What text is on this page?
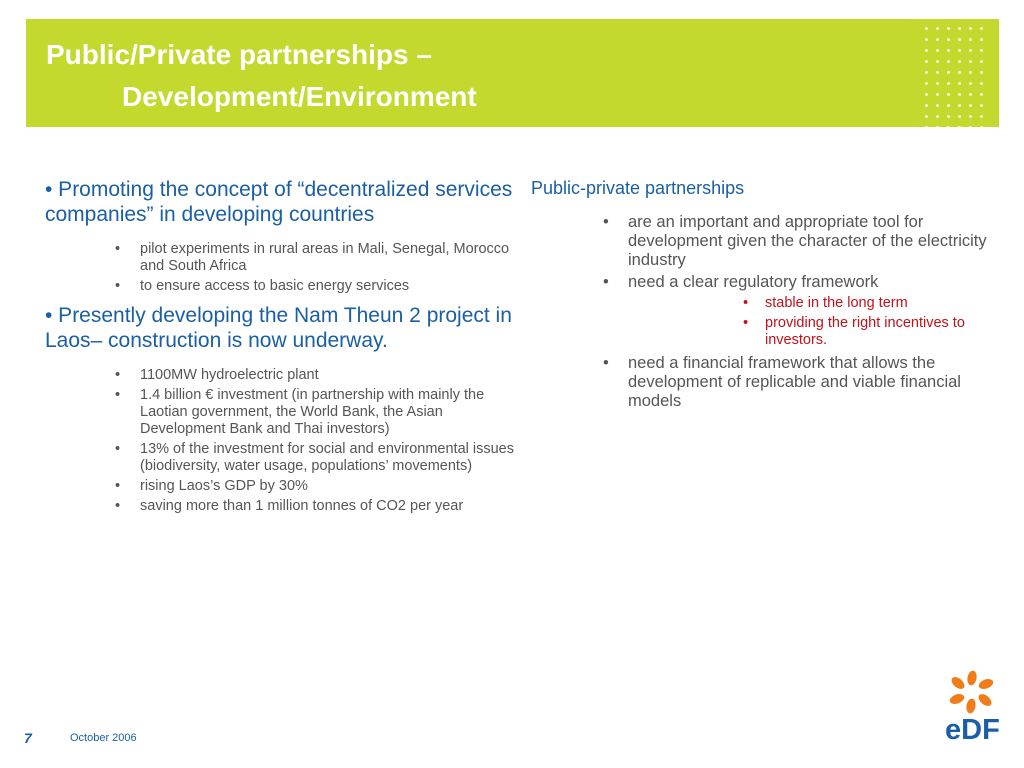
Public/Private partnerships –
Development/Environment

• Promoting the concept of “decentralized services companies” in developing countries

• pilot experiments in rural areas in Mali, Senegal, Morocco and South Africa
• to ensure access to basic energy services

• Presently developing the Nam Theun 2 project in Laos– construction is now underway.

• 1100MW hydroelectric plant
• 1.4 billion € investment (in partnership with mainly the Laotian government, the World Bank, the Asian Development Bank and Thai investors)
• 13% of the investment for social and environmental issues (biodiversity, water usage, populations’ movements)
• rising Laos’s GDP by 30%
• saving more than 1 million tonnes of CO2 per year

Public-private partnerships

• are an important and appropriate tool for development given the character of the electricity industry
• need a clear regulatory framework
• stable in the long term
• providing the right incentives to investors.
• need a financial framework that allows the development of replicable and viable financial models
7	October 2006	eDF
